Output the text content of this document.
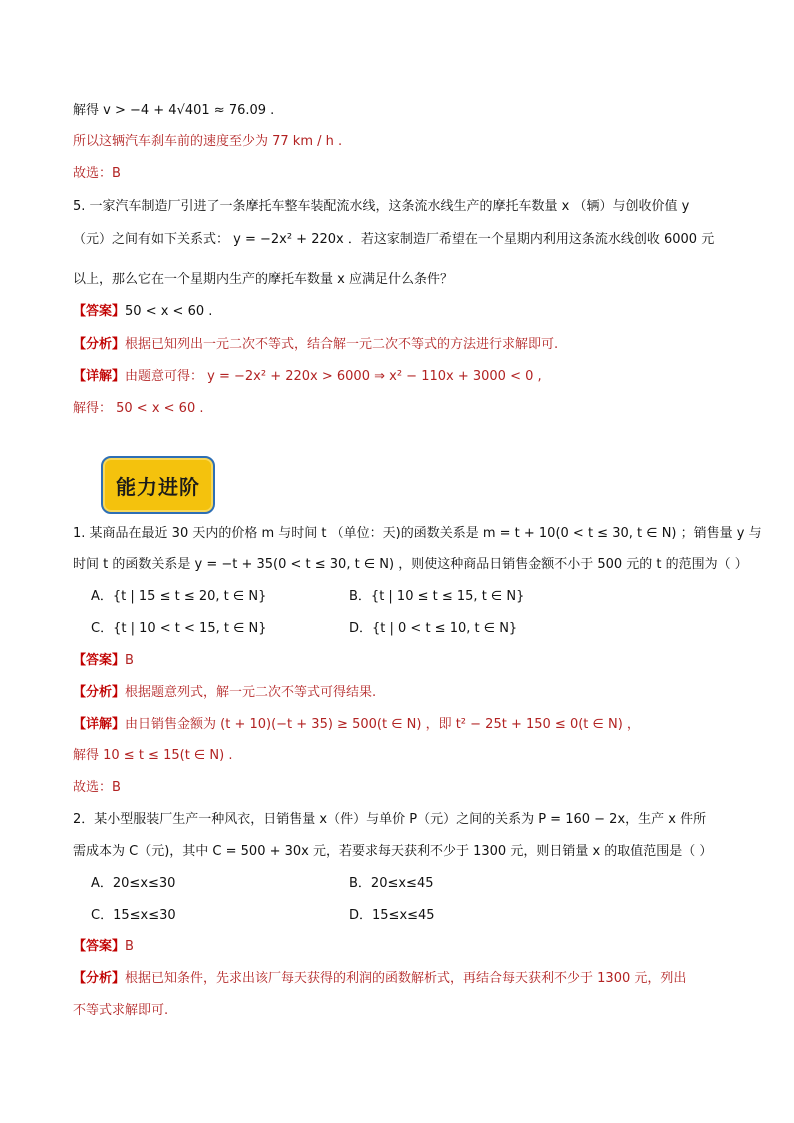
解得 v > −4 + 4√401 ≈ 76.09 .
所以这辆汽车刹车前的速度至少为 77 km / h .
故选：B
5. 一家汽车制造厂引进了一条摩托车整车装配流水线，这条流水线生产的摩托车数量 x （辆）与创收价值 y
（元）之间有如下关系式： y = −2x² + 220x ．若这家制造厂希望在一个星期内利用这条流水线创收 6000 元
以上，那么它在一个星期内生产的摩托车数量 x 应满足什么条件？
【答案】50 < x < 60 .
【分析】根据已知列出一元二次不等式，结合解一元二次不等式的方法进行求解即可.
【详解】由题意可得： y = −2x² + 220x > 6000 ⇒ x² − 110x + 3000 < 0 ,
解得： 50 < x < 60 .
能力进阶
1. 某商品在最近 30 天内的价格 m 与时间 t （单位：天)的函数关系是 m = t + 10(0 < t ≤ 30, t ∈ N) ；销售量 y 与
时间 t 的函数关系是 y = −t + 35(0 < t ≤ 30, t ∈ N) ，则使这种商品日销售金额不小于 500 元的 t 的范围为（ ）
A．{t | 15 ≤ t ≤ 20, t ∈ N}	B．{t | 10 ≤ t ≤ 15, t ∈ N}
C．{t | 10 < t < 15, t ∈ N}	D．{t | 0 < t ≤ 10, t ∈ N}
【答案】B
【分析】根据题意列式，解一元二次不等式可得结果.
【详解】由日销售金额为 (t + 10)(−t + 35) ≥ 500(t ∈ N) ，即 t² − 25t + 150 ≤ 0(t ∈ N) ，
解得 10 ≤ t ≤ 15(t ∈ N) .
故选：B
2．某小型服装厂生产一种风衣，日销售量 x（件）与单价 P（元）之间的关系为 P = 160 − 2x，生产 x 件所
需成本为 C（元)，其中 C = 500 + 30x 元，若要求每天获利不少于 1300 元，则日销量 x 的取值范围是（ ）
A．20≤x≤30	B．20≤x≤45
C．15≤x≤30	D．15≤x≤45
【答案】B
【分析】根据已知条件，先求出该厂每天获得的利润的函数解析式，再结合每天获利不少于 1300 元，列出
不等式求解即可.
